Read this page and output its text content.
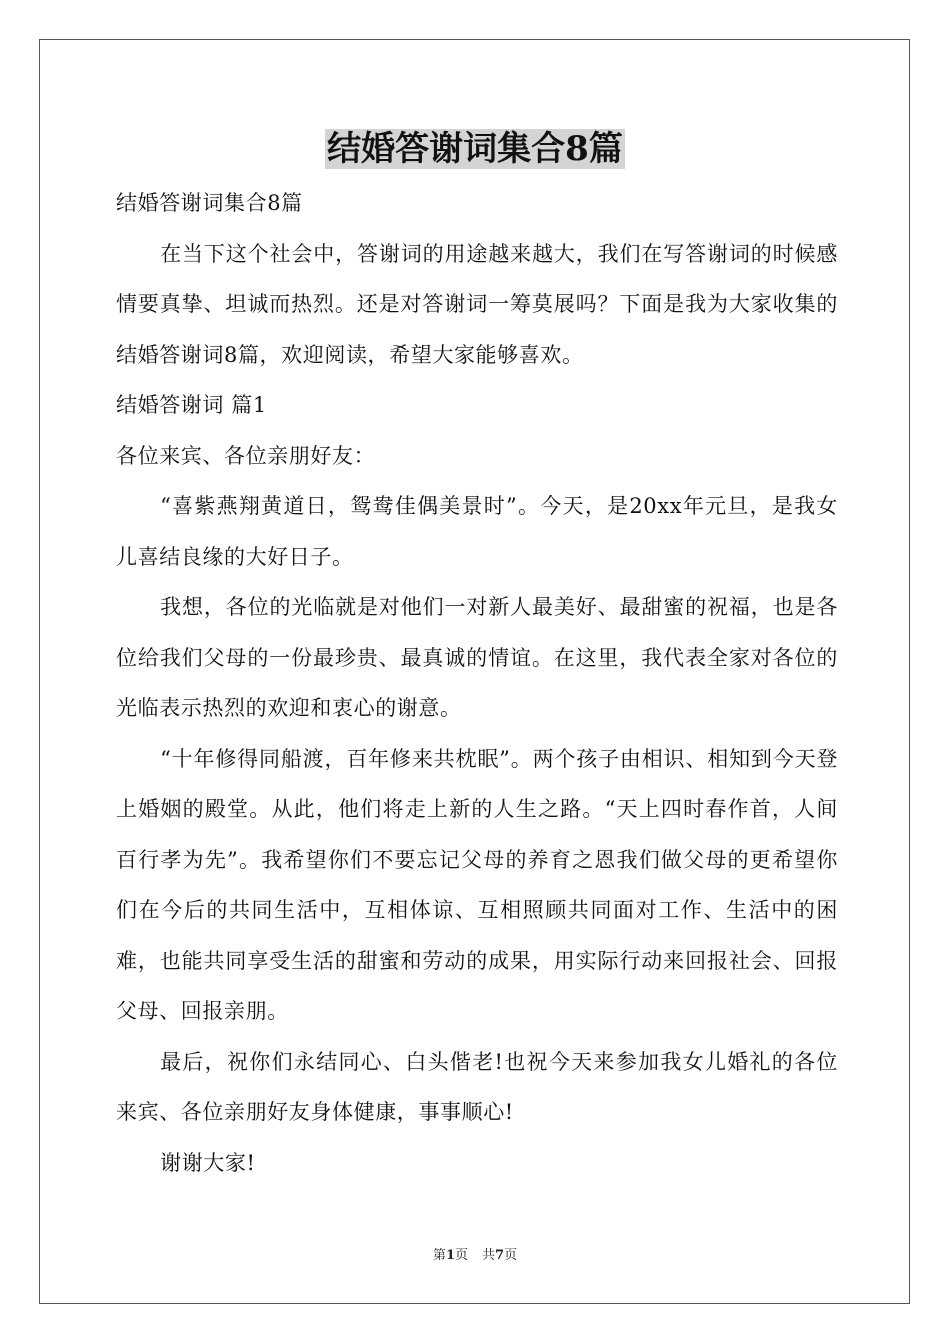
结婚答谢词集合8篇

结婚答谢词集合8篇

在当下这个社会中，答谢词的用途越来越大，我们在写答谢词的时候感情要真挚、坦诚而热烈。还是对答谢词一筹莫展吗？下面是我为大家收集的结婚答谢词8篇，欢迎阅读，希望大家能够喜欢。

结婚答谢词 篇1

各位来宾、各位亲朋好友：

“喜紫燕翔黄道日，鸳鸯佳偶美景时”。今天，是20xx年元旦，是我女儿喜结良缘的大好日子。

我想，各位的光临就是对他们一对新人最美好、最甜蜜的祝福，也是各位给我们父母的一份最珍贵、最真诚的情谊。在这里，我代表全家对各位的光临表示热烈的欢迎和衷心的谢意。

“十年修得同船渡，百年修来共枕眠”。两个孩子由相识、相知到今天登上婚姻的殿堂。从此，他们将走上新的人生之路。“天上四时春作首，人间百行孝为先”。我希望你们不要忘记父母的养育之恩我们做父母的更希望你们在今后的共同生活中，互相体谅、互相照顾共同面对工作、生活中的困难，也能共同享受生活的甜蜜和劳动的成果，用实际行动来回报社会、回报父母、回报亲朋。

最后，祝你们永结同心、白头偕老!也祝今天来参加我女儿婚礼的各位来宾、各位亲朋好友身体健康，事事顺心!

谢谢大家!

第1页 共7页
